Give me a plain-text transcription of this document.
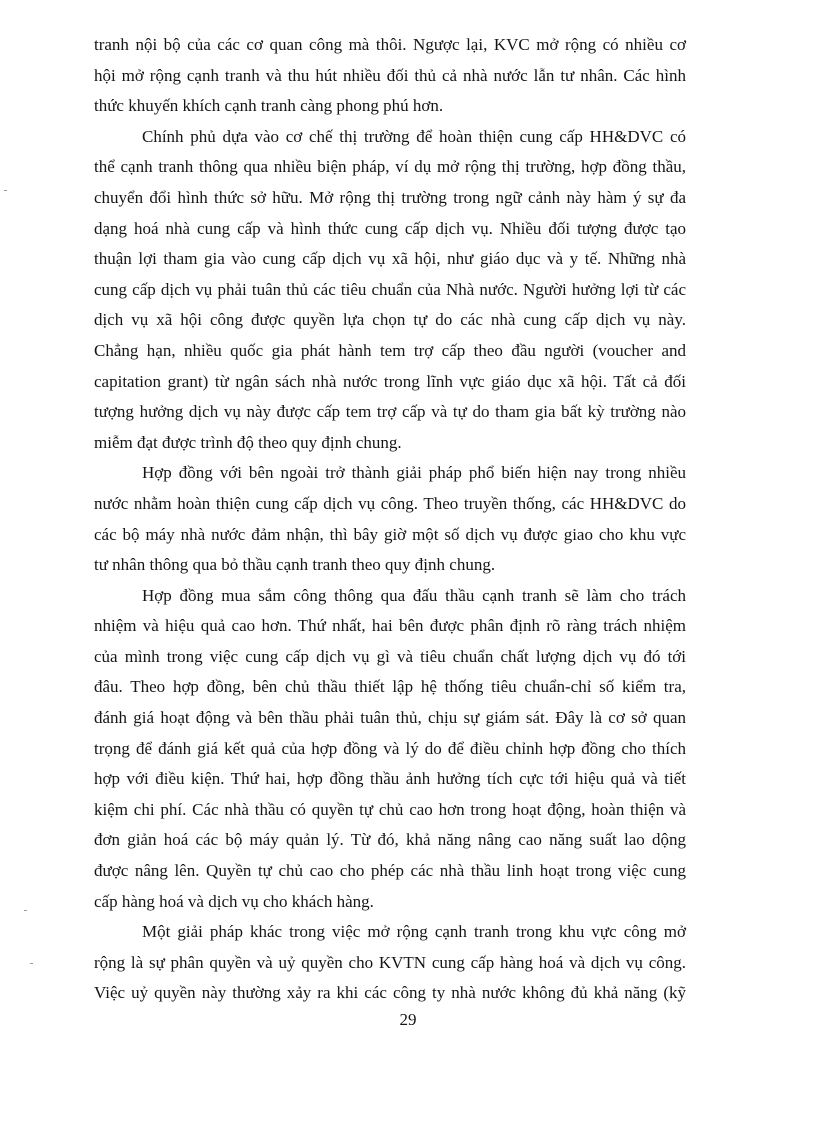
tranh nội bộ của các cơ quan công mà thôi. Ngược lại, KVC mở rộng có nhiều cơ
hội mở rộng cạnh tranh và thu hút nhiều đối thủ cả nhà nước lẫn tư nhân. Các hình
thức khuyến khích cạnh tranh càng phong phú hơn.
Chính phủ dựa vào cơ chế thị trường để hoàn thiện cung cấp HH&DVC có
thể cạnh tranh thông qua nhiều biện pháp, ví dụ mở rộng thị trường, hợp đồng thầu,
chuyển đổi hình thức sở hữu. Mở rộng thị trường trong ngữ cảnh này hàm ý sự đa
dạng hoá nhà cung cấp và hình thức cung cấp dịch vụ. Nhiều đối tượng được tạo
thuận lợi tham gia vào cung cấp dịch vụ xã hội, như giáo dục và y tế. Những nhà
cung cấp dịch vụ phải tuân thủ các tiêu chuẩn của Nhà nước. Người hưởng lợi từ các
dịch vụ xã hội công được quyền lựa chọn tự do các nhà cung cấp dịch vụ này.
Chẳng hạn, nhiều quốc gia phát hành tem trợ cấp theo đầu người (voucher and
capitation grant) từ ngân sách nhà nước trong lĩnh vực giáo dục xã hội. Tất cả đối
tượng hưởng dịch vụ này được cấp tem trợ cấp và tự do tham gia bất kỳ trường nào
miễm đạt được trình độ theo quy định chung.
Hợp đồng với bên ngoài trở thành giải pháp phổ biến hiện nay trong nhiều
nước nhằm hoàn thiện cung cấp dịch vụ công. Theo truyền thống, các HH&DVC do
các bộ máy nhà nước đảm nhận, thì bây giờ một số dịch vụ được giao cho khu vực
tư nhân thông qua bỏ thầu cạnh tranh theo quy định chung.
Hợp đồng mua sắm công thông qua đấu thầu cạnh tranh sẽ làm cho trách
nhiệm và hiệu quả cao hơn. Thứ nhất, hai bên được phân định rõ ràng trách nhiệm
của mình trong việc cung cấp dịch vụ gì và tiêu chuẩn chất lượng dịch vụ đó tới
đâu. Theo hợp đồng, bên chủ thầu thiết lập hệ thống tiêu chuẩn-chỉ số kiểm tra,
đánh giá hoạt động và bên thầu phải tuân thủ, chịu sự giám sát. Đây là cơ sở quan
trọng để đánh giá kết quả của hợp đồng và lý do để điều chỉnh hợp đồng cho thích
hợp với điều kiện. Thứ hai, hợp đồng thầu ảnh hưởng tích cực tới hiệu quả và tiết
kiệm chi phí. Các nhà thầu có quyền tự chủ cao hơn trong hoạt động, hoàn thiện và
đơn giản hoá các bộ máy quản lý. Từ đó, khả năng nâng cao năng suất lao dộng
được nâng lên. Quyền tự chủ cao cho phép các nhà thầu linh hoạt trong việc cung
cấp hàng hoá và dịch vụ cho khách hàng.
Một giải pháp khác trong việc mở rộng cạnh tranh trong khu vực công mở
rộng là sự phân quyền và uỷ quyền cho KVTN cung cấp hàng hoá và dịch vụ công.
Việc uỷ quyền này thường xảy ra khi các công ty nhà nước không đủ khả năng (kỹ
29
